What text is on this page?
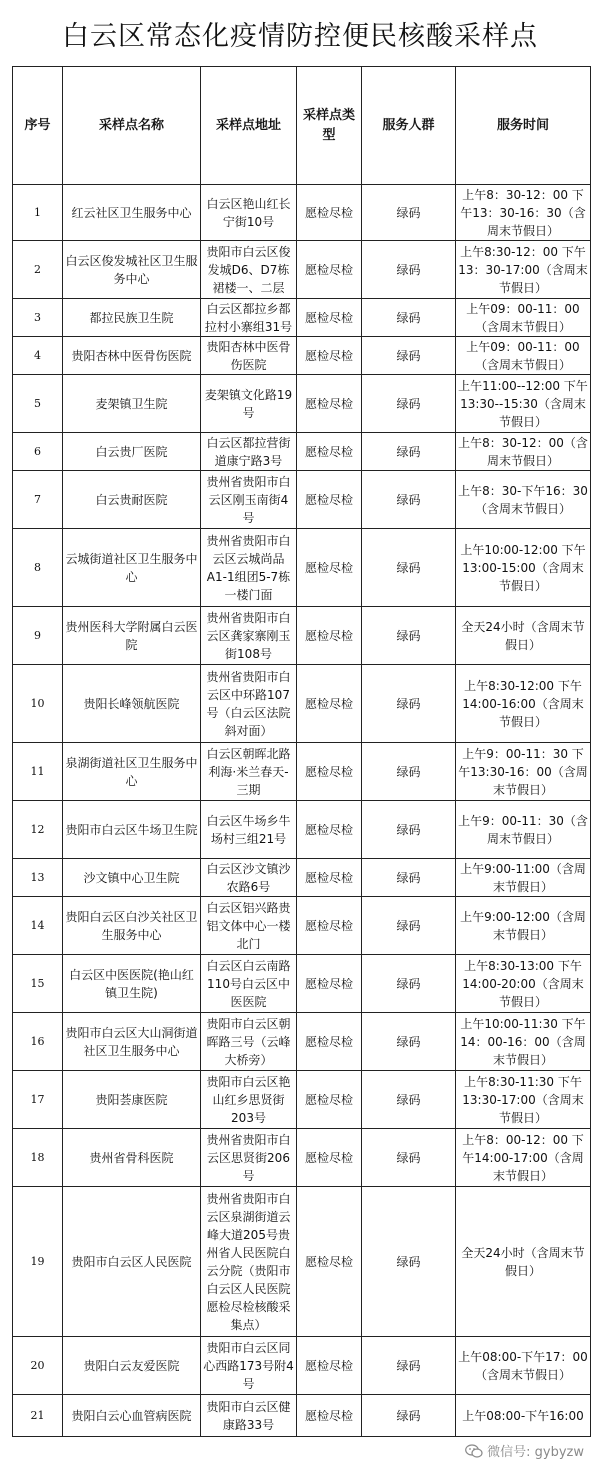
白云区常态化疫情防控便民核酸采样点
序号	采样点名称	采样点地址	采样点类型	服务人群	服务时间
1	红云社区卫生服务中心	白云区艳山红长宁街10号	愿检尽检	绿码	上午8：30-12：00 下午13：30-16：30（含周末节假日）
2	白云区俊发城社区卫生服务中心	贵阳市白云区俊发城D6、D7栋裙楼一、二层	愿检尽检	绿码	上午8:30-12：00 下午13：30-17:00（含周末节假日）
3	都拉民族卫生院	白云区都拉乡都拉村小寨组31号	愿检尽检	绿码	上午09：00-11：00（含周末节假日）
4	贵阳杏林中医骨伤医院	贵阳杏林中医骨伤医院	愿检尽检	绿码	上午09：00-11：00（含周末节假日）
5	麦架镇卫生院	麦架镇文化路19号	愿检尽检	绿码	上午11:00--12:00 下午13:30--15:30（含周末节假日）
6	白云贵厂医院	白云区都拉营街道康宁路3号	愿检尽检	绿码	上午8：30-12：00（含周末节假日）
7	白云贵耐医院	贵州省贵阳市白云区刚玉南街4号	愿检尽检	绿码	上午8：30-下午16：30（含周末节假日）
8	云城街道社区卫生服务中心	贵州省贵阳市白云区云城尚品A1-1组团5-7栋一楼门面	愿检尽检	绿码	上午10:00-12:00 下午 13:00-15:00（含周末节假日）
9	贵州医科大学附属白云医院	贵州省贵阳市白云区龚家寨刚玉街108号	愿检尽检	绿码	全天24小时（含周末节假日）
10	贵阳长峰领航医院	贵州省贵阳市白云区中环路107号（白云区法院斜对面）	愿检尽检	绿码	上午8:30-12:00 下午14:00-16:00（含周末节假日）
11	泉湖街道社区卫生服务中心	白云区朝晖北路利海·米兰春天-三期	愿检尽检	绿码	上午9：00-11：30 下午13:30-16：00（含周末节假日）
12	贵阳市白云区牛场卫生院	白云区牛场乡牛场村三组21号	愿检尽检	绿码	上午9：00-11：30（含周末节假日）
13	沙文镇中心卫生院	白云区沙文镇沙农路6号	愿检尽检	绿码	上午9:00-11:00（含周末节假日）
14	贵阳白云区白沙关社区卫生服务中心	白云区铝兴路贵铝文体中心一楼北门	愿检尽检	绿码	上午9:00-12:00（含周末节假日）
15	白云区中医医院(艳山红镇卫生院)	白云区白云南路110号白云区中医医院	愿检尽检	绿码	上午8:30-13:00 下午14:00-20:00（含周末节假日）
16	贵阳市白云区大山洞街道社区卫生服务中心	贵阳市白云区朝晖路三号（云峰大桥旁）	愿检尽检	绿码	上午10:00-11:30 下午14：00-16：00（含周末节假日）
17	贵阳荟康医院	贵阳市白云区艳山红乡思贤街203号	愿检尽检	绿码	上午8:30-11:30 下午13:30-17:00（含周末节假日）
18	贵州省骨科医院	贵州省贵阳市白云区思贤街206号	愿检尽检	绿码	上午8：00-12：00 下午14:00-17:00（含周末节假日）
19	贵阳市白云区人民医院	贵州省贵阳市白云区泉湖街道云峰大道205号贵州省人民医院白云分院（贵阳市白云区人民医院愿检尽检核酸采集点）	愿检尽检	绿码	全天24小时（含周末节假日）
20	贵阳白云友爱医院	贵阳市白云区同心西路173号附4号	愿检尽检	绿码	上午08:00-下午17：00（含周末节假日）
21	贵阳白云心血管病医院	贵阳市白云区健康路33号	愿检尽检	绿码	上午08:00-下午16:00
微信号: gybyzw
